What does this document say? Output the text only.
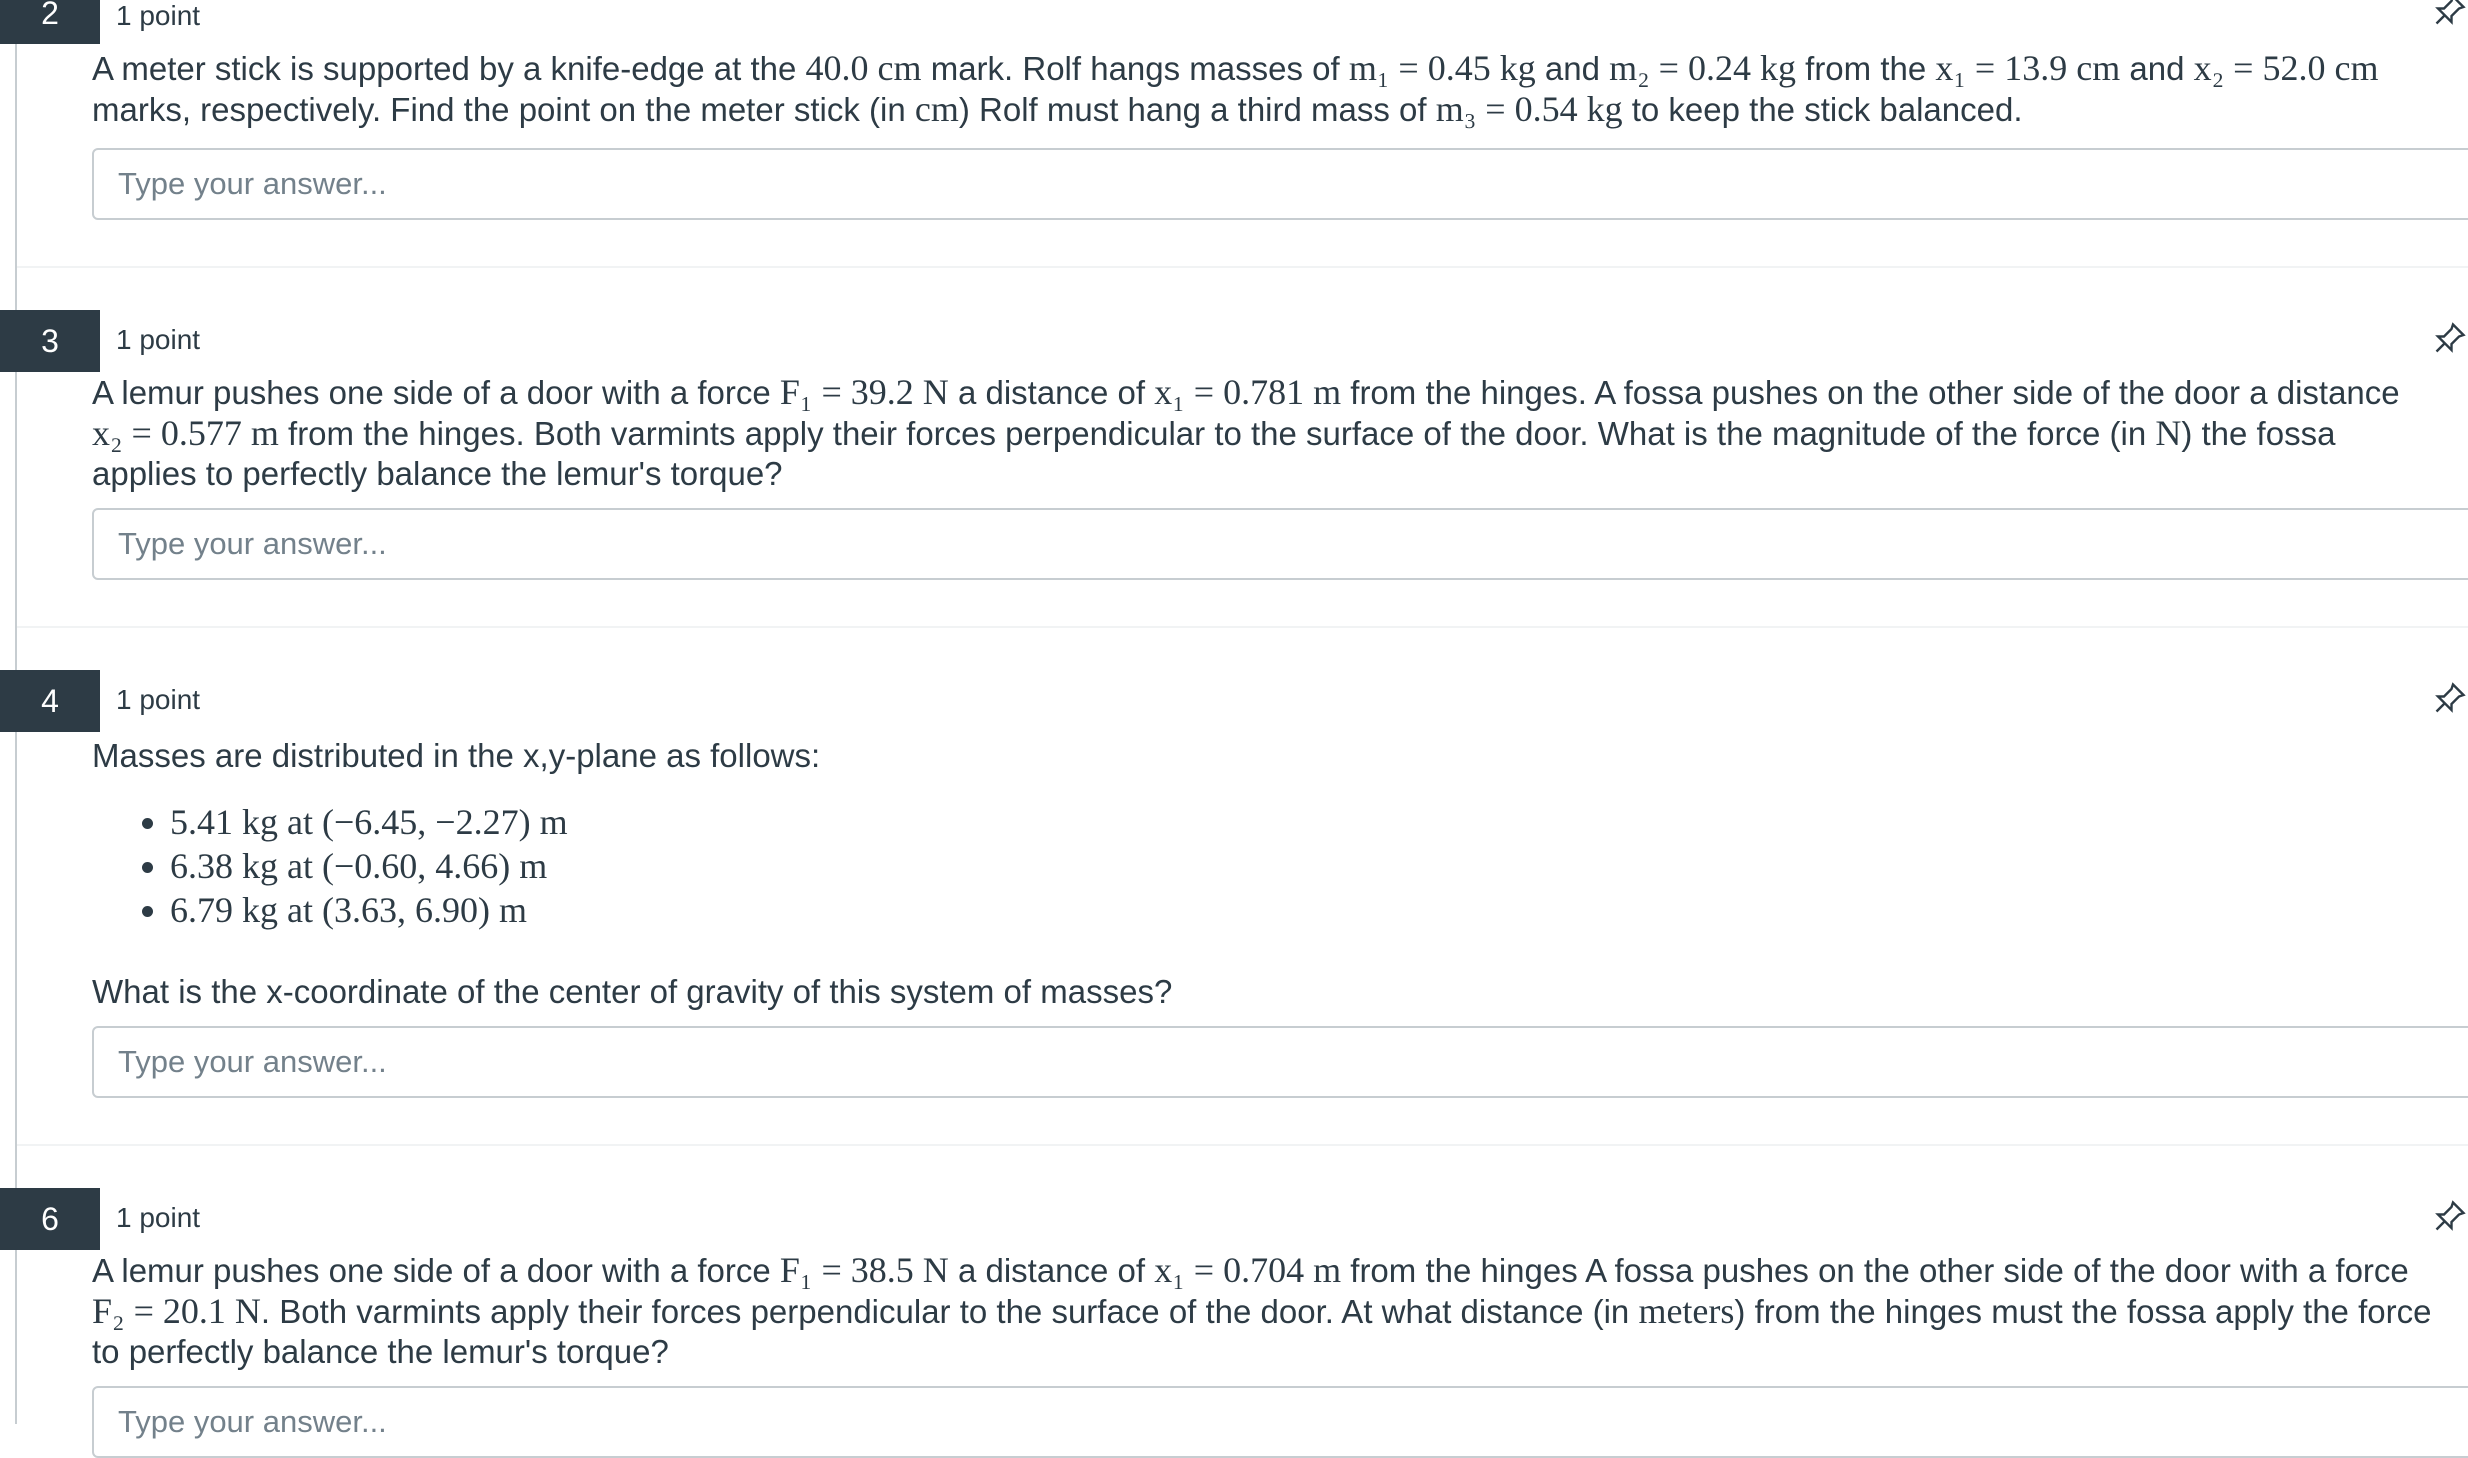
2	1 point
A meter stick is supported by a knife-edge at the 40.0 cm mark. Rolf hangs masses of m₁ = 0.45 kg and m₂ = 0.24 kg from the x₁ = 13.9 cm and x₂ = 52.0 cm marks, respectively. Find the point on the meter stick (in cm) Rolf must hang a third mass of m₃ = 0.54 kg to keep the stick balanced.
Type your answer...
3	1 point
A lemur pushes one side of a door with a force F₁ = 39.2 N a distance of x₁ = 0.781 m from the hinges. A fossa pushes on the other side of the door a distance x₂ = 0.577 m from the hinges. Both varmints apply their forces perpendicular to the surface of the door. What is the magnitude of the force (in N) the fossa applies to perfectly balance the lemur's torque?
Type your answer...
4	1 point
Masses are distributed in the x,y-plane as follows:
• 5.41 kg at (−6.45, −2.27) m
• 6.38 kg at (−0.60, 4.66) m
• 6.79 kg at (3.63, 6.90) m
What is the x-coordinate of the center of gravity of this system of masses?
Type your answer...
6	1 point
A lemur pushes one side of a door with a force F₁ = 38.5 N a distance of x₁ = 0.704 m from the hinges A fossa pushes on the other side of the door with a force F₂ = 20.1 N. Both varmints apply their forces perpendicular to the surface of the door. At what distance (in meters) from the hinges must the fossa apply the force to perfectly balance the lemur's torque?
Type your answer...
